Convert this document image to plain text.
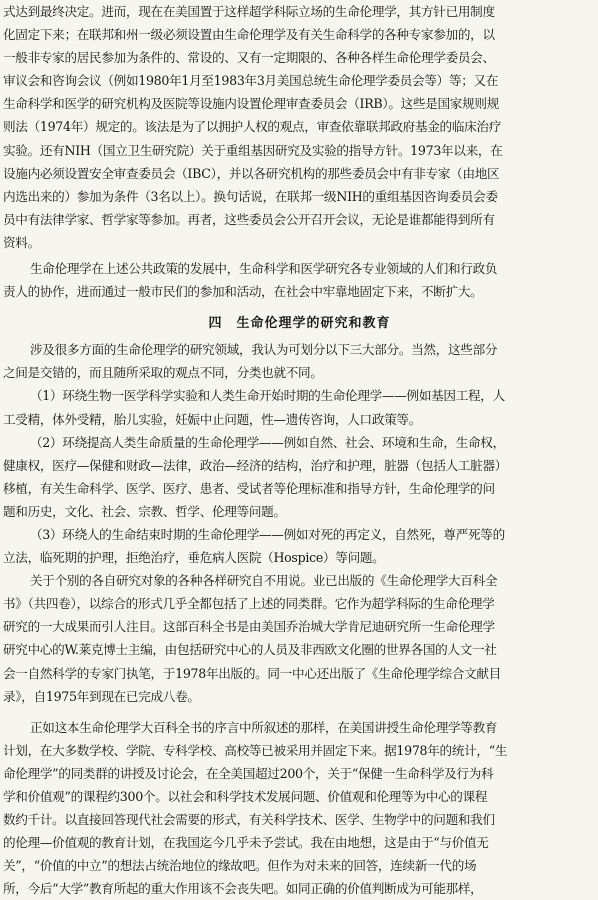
式达到最终决定。进而，现在在美国置于这样超学科际立场的生命伦理学，其方针已用制度
化固定下来；在联邦和州一级必须设置由生命伦理学及有关生命科学的各种专家参加的，以
一般非专家的居民参加为条件的、常设的、又有一定期限的、各种各样生命伦理学委员会、
审议会和咨询会议（例如1980年1月至1983年3月美国总统生命伦理学委员会等）等；又在
生命科学和医学的研究机构及医院等设施内设置伦理审查委员会（IRB）。这些是国家规则规
则法（1974年）规定的。该法是为了以拥护人权的观点，审查依靠联邦政府基金的临床治疗
实验。还有NIH（国立卫生研究院）关于重组基因研究及实验的指导方针。1973年以来，在
设施内必须设置安全审查委员会（IBC），并以各研究机构的那些委员会中有非专家（由地区
内选出来的）参加为条件（3名以上）。换句话说，在联邦一级NIH的重组基因咨询委员会委
员中有法律学家、哲学家等参加。再者，这些委员会公开召开会议，无论是谁都能得到所有
资料。
生命伦理学在上述公共政策的发展中，生命科学和医学研究各专业领域的人们和行政负
责人的协作，进而通过一般市民们的参加和活动，在社会中牢靠地固定下来，不断扩大。
四　生命伦理学的研究和教育
涉及很多方面的生命伦理学的研究领域，我认为可划分以下三大部分。当然，这些部分
之间是交错的，而且随所采取的观点不同，分类也就不同。
（1）环绕生物一医学科学实验和人类生命开始时期的生命伦理学——例如基因工程，人
工受精，体外受精，胎儿实验，妊娠中止问题，性—遗传咨询，人口政策等。
（2）环绕提高人类生命质量的生命伦理学——例如自然、社会、环境和生命，生命权，
健康权，医疗—保健和财政—法律，政治—经济的结构，治疗和护理，脏器（包括人工脏器）
移植，有关生命科学、医学、医疗、患者、受试者等伦理标准和指导方针，生命伦理学的问
题和历史，文化、社会、宗教、哲学、伦理等问题。
（3）环绕人的生命结束时期的生命伦理学——例如对死的再定义，自然死，尊严死等的
立法，临死期的护理，拒绝治疗，垂危病人医院（Hospice）等问题。
关于个别的各自研究对象的各种各样研究自不用说。业已出版的《生命伦理学大百科全
书》（共四卷），以综合的形式几乎全都包括了上述的同类群。它作为超学科际的生命伦理学
研究的一大成果而引人注目。这部百科全书是由美国乔治城大学肯尼迪研究所一生命伦理学
研究中心的W.莱克博士主编，由包括研究中心的人员及非西欧文化圈的世界各国的人文一社
会一自然科学的专家门执笔，于1978年出版的。同一中心还出版了《生命伦理学综合文献目
录》，自1975年到现在已完成八卷。
正如这本生命伦理学大百科全书的序言中所叙述的那样，在美国讲授生命伦理学等教育
计划，在大多数学校、学院、专科学校、高校等已被采用并固定下来。据1978年的统计，“生
命伦理学”的同类群的讲授及讨论会，在全美国超过200个，关于“保健一生命科学及行为科
学和价值观”的课程约300个。以社会和科学技术发展问题、价值观和伦理等为中心的课程
数约千计。以直接回答现代社会需要的形式，有关科学技术、医学、生物学中的问题和我们
的伦理—价值观的教育计划，在我国迄今几乎未予尝试。我在由地想，这是由于“与价值无
关”，“价值的中立”的想法占统治地位的缘故吧。但作为对未来的回答，连续新一代的场
所，今后“大学”教育所起的重大作用该不会丧失吧。如同正确的价值判断成为可能那样，
